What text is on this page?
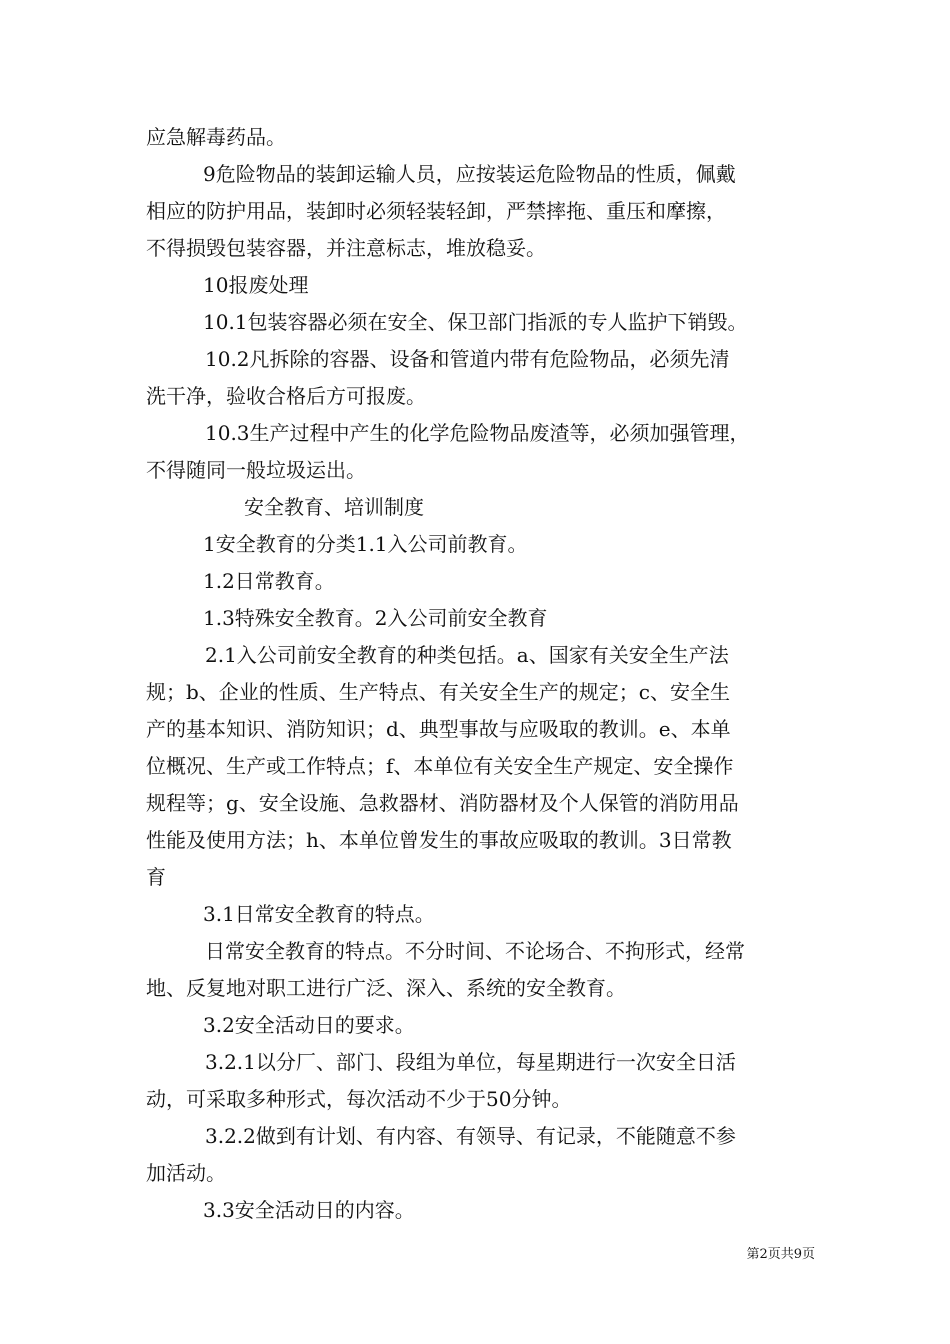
应急解毒药品。
9危险物品的装卸运输人员，应按装运危险物品的性质，佩戴
相应的防护用品，装卸时必须轻装轻卸，严禁摔拖、重压和摩擦，
不得损毁包装容器，并注意标志，堆放稳妥。
10报废处理
10.1包装容器必须在安全、保卫部门指派的专人监护下销毁。
10.2凡拆除的容器、设备和管道内带有危险物品，必须先清
洗干净，验收合格后方可报废。
10.3生产过程中产生的化学危险物品废渣等，必须加强管理，
不得随同一般垃圾运出。
安全教育、培训制度
1安全教育的分类1.1入公司前教育。
1.2日常教育。
1.3特殊安全教育。2入公司前安全教育
2.1入公司前安全教育的种类包括。a、国家有关安全生产法
规；b、企业的性质、生产特点、有关安全生产的规定；c、安全生
产的基本知识、消防知识；d、典型事故与应吸取的教训。e、本单
位概况、生产或工作特点；f、本单位有关安全生产规定、安全操作
规程等；g、安全设施、急救器材、消防器材及个人保管的消防用品
性能及使用方法；h、本单位曾发生的事故应吸取的教训。3日常教
育
3.1日常安全教育的特点。
日常安全教育的特点。不分时间、不论场合、不拘形式，经常
地、反复地对职工进行广泛、深入、系统的安全教育。
3.2安全活动日的要求。
3.2.1以分厂、部门、段组为单位，每星期进行一次安全日活
动，可采取多种形式，每次活动不少于50分钟。
3.2.2做到有计划、有内容、有领导、有记录，不能随意不参
加活动。
3.3安全活动日的内容。
第2页共9页
